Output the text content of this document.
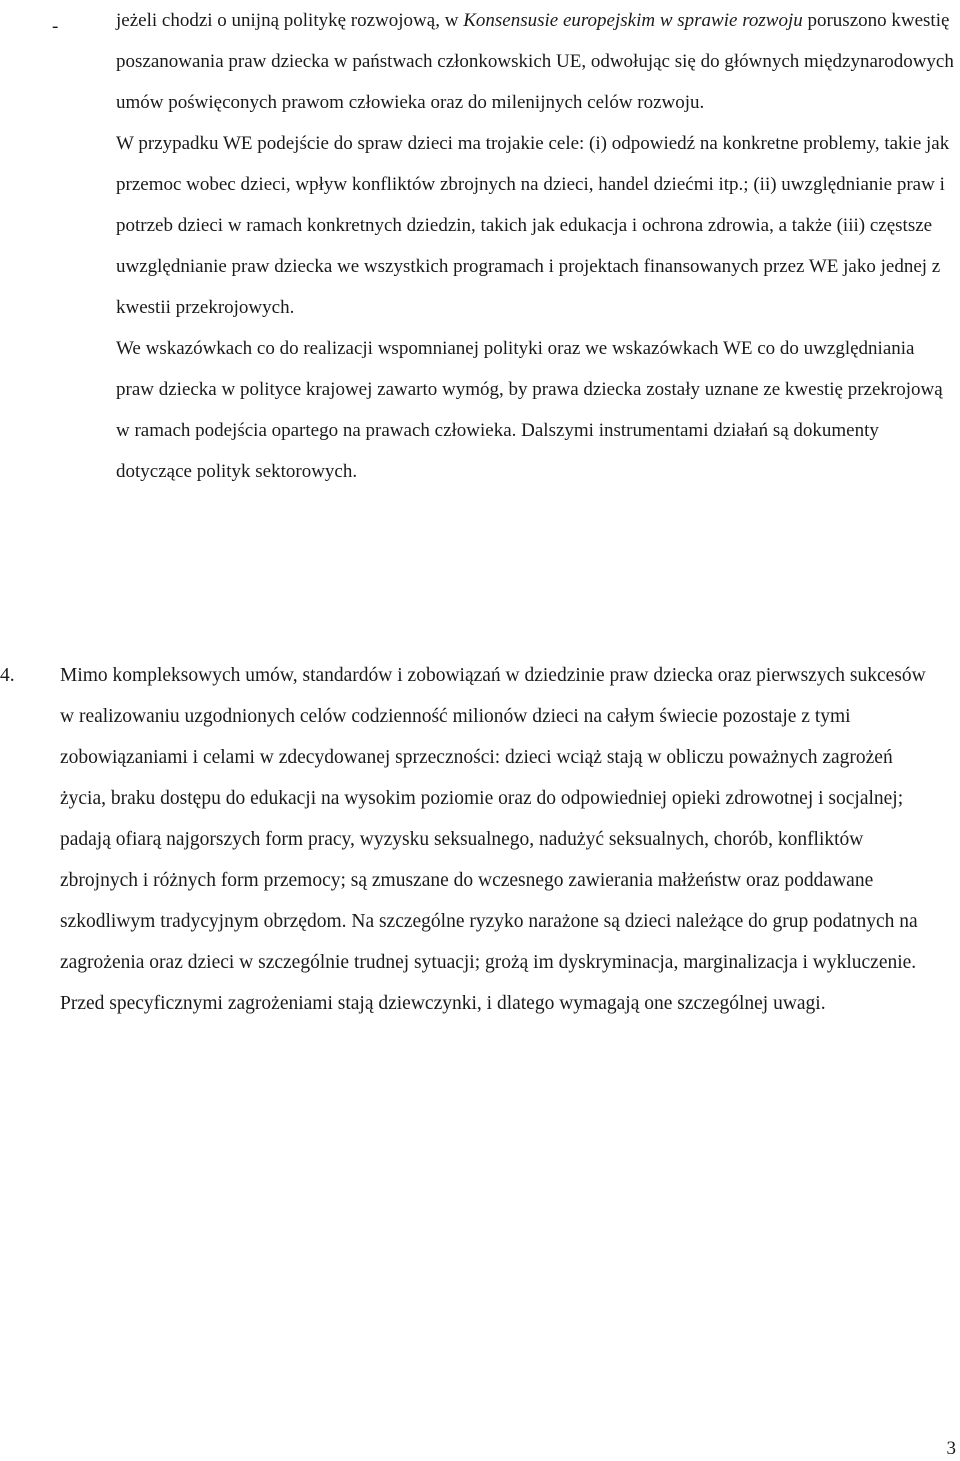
-	jeżeli chodzi o unijną politykę rozwojową, w Konsensusie europejskim w sprawie rozwoju poruszono kwestię poszanowania praw dziecka w państwach członkowskich UE, odwołując się do głównych międzynarodowych umów poświęconych prawom człowieka oraz do milenijnych celów rozwoju.

W przypadku WE podejście do spraw dzieci ma trojakie cele: (i) odpowiedź na konkretne problemy, takie jak przemoc wobec dzieci, wpływ konfliktów zbrojnych na dzieci, handel dziećmi itp.; (ii) uwzględnianie praw i potrzeb dzieci w ramach konkretnych dziedzin, takich jak edukacja i ochrona zdrowia, a także (iii) częstsze uwzględnianie praw dziecka we wszystkich programach i projektach finansowanych przez WE jako jednej z kwestii przekrojowych.

We wskazówkach co do realizacji wspomnianej polityki oraz we wskazówkach WE co do uwzględniania praw dziecka w polityce krajowej zawarto wymóg, by prawa dziecka zostały uznane ze kwestię przekrojową w ramach podejścia opartego na prawach człowieka. Dalszymi instrumentami działań są dokumenty dotyczące polityk sektorowych.

4. Mimo kompleksowych umów, standardów i zobowiązań w dziedzinie praw dziecka oraz pierwszych sukcesów w realizowaniu uzgodnionych celów codzienność milionów dzieci na całym świecie pozostaje z tymi zobowiązaniami i celami w zdecydowanej sprzeczności: dzieci wciąż stają w obliczu poważnych zagrożeń życia, braku dostępu do edukacji na wysokim poziomie oraz do odpowiedniej opieki zdrowotnej i socjalnej; padają ofiarą najgorszych form pracy, wyzysku seksualnego, nadużyć seksualnych, chorób, konfliktów zbrojnych i różnych form przemocy; są zmuszane do wczesnego zawierania małżeństw oraz poddawane szkodliwym tradycyjnym obrzędom. Na szczególne ryzyko narażone są dzieci należące do grup podatnych na zagrożenia oraz dzieci w szczególnie trudnej sytuacji; grożą im dyskryminacja, marginalizacja i wykluczenie. Przed specyficznymi zagrożeniami stają dziewczynki, i dlatego wymagają one szczególnej uwagi.

3
